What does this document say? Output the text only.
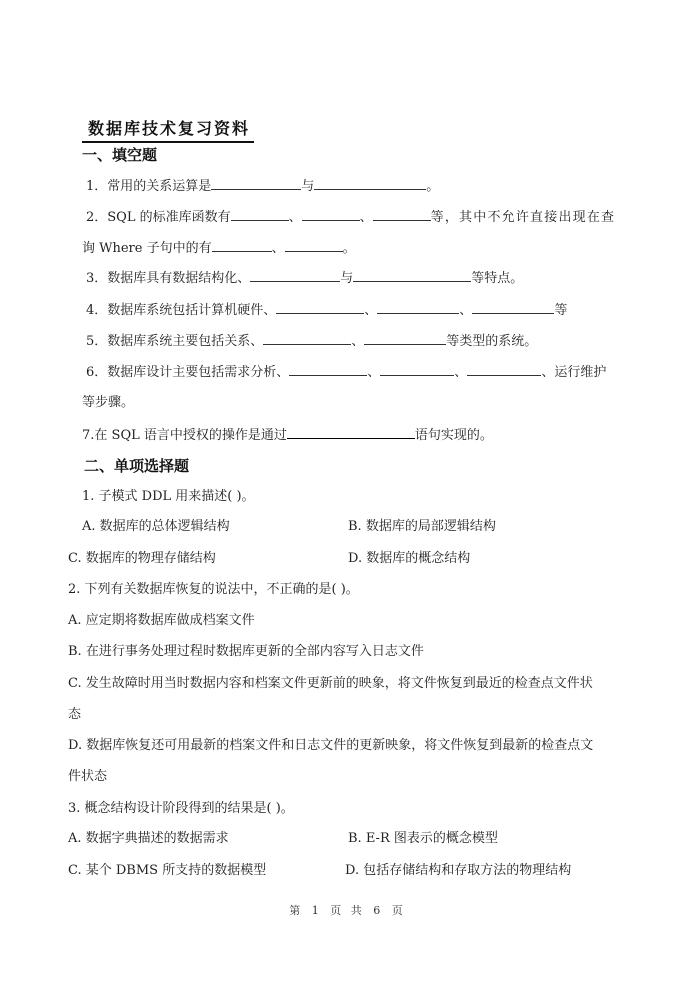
数据库技术复习资料
一、填空题
1．常用的关系运算是	与	。
2．SQL 的标准库函数有	、	、	等，其中不允许直接出现在查
询 Where 子句中的有	、	。
3．数据库具有数据结构化、	与	等特点。
4．数据库系统包括计算机硬件、	、	、	等
5．数据库系统主要包括关系、	、	等类型的系统。
6．数据库设计主要包括需求分析、	、	、	、运行维护
等步骤。
7.在 SQL 语言中授权的操作是通过	语句实现的。
二、单项选择题
1. 子模式 DDL 用来描述( )。
A. 数据库的总体逻辑结构	B. 数据库的局部逻辑结构
C. 数据库的物理存储结构	D. 数据库的概念结构
2. 下列有关数据库恢复的说法中，不正确的是( )。
A. 应定期将数据库做成档案文件
B. 在进行事务处理过程时数据库更新的全部内容写入日志文件
C. 发生故障时用当时数据内容和档案文件更新前的映象，将文件恢复到最近的检查点文件状
态
D. 数据库恢复还可用最新的档案文件和日志文件的更新映象，将文件恢复到最新的检查点文
件状态
3. 概念结构设计阶段得到的结果是( )。
A. 数据字典描述的数据需求	B. E-R 图表示的概念模型
C. 某个 DBMS 所支持的数据模型	D. 包括存储结构和存取方法的物理结构
第 1 页 共 6 页
